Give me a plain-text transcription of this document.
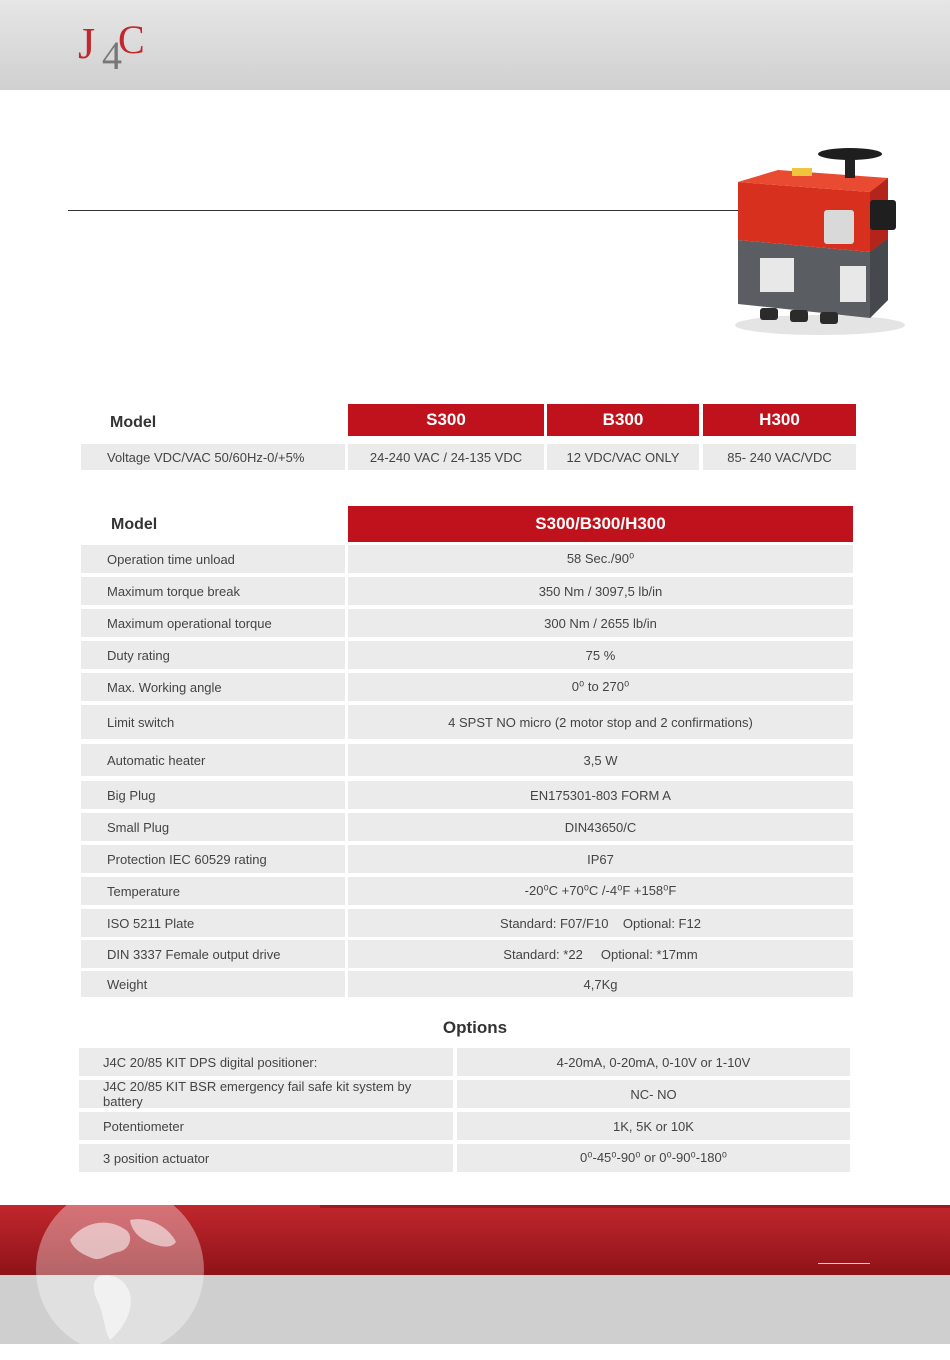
J 4
C
Model	S300	B300	H300
Voltage VDC/VAC 50/60Hz-0/+5%	24-240 VAC / 24-135 VDC	12 VDC/VAC ONLY	85- 240 VAC/VDC
Model	S300/B300/H300
Operation time unload	58 Sec./90⁰
Maximum torque break	350 Nm / 3097,5 lb/in
Maximum operational torque	300 Nm / 2655 lb/in
Duty rating	75 %
Max. Working angle	0⁰ to 270⁰
Limit switch	4 SPST NO micro (2 motor stop and 2 confirmations)
Automatic heater	3,5 W
Big Plug	EN175301-803 FORM A
Small Plug	DIN43650/C
Protection IEC 60529 rating	IP67
Temperature	-20⁰C +70⁰C /-4⁰F +158⁰F
ISO 5211 Plate	Standard: F07/F10    Optional: F12
DIN 3337 Female output drive	Standard: *22     Optional: *17mm
Weight	4,7Kg
Options
J4C 20/85 KIT DPS digital positioner:	4-20mA, 0-20mA, 0-10V or 1-10V
J4C 20/85 KIT BSR emergency fail safe kit system by battery	NC- NO
Potentiometer	1K, 5K or 10K
3 position actuator	0⁰-45⁰-90⁰ or 0⁰-90⁰-180⁰
